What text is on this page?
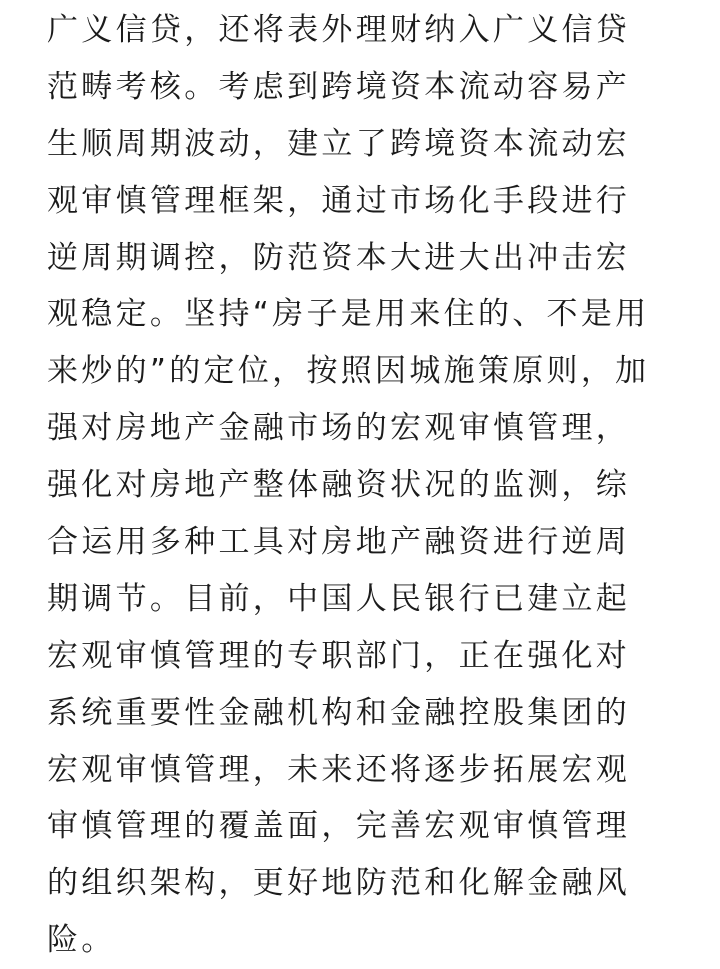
广义信贷，还将表外理财纳入广义信贷
范畴考核。考虑到跨境资本流动容易产
生顺周期波动，建立了跨境资本流动宏
观审慎管理框架，通过市场化手段进行
逆周期调控，防范资本大进大出冲击宏
观稳定。坚持“房子是用来住的、不是用
来炒的”的定位，按照因城施策原则，加
强对房地产金融市场的宏观审慎管理，
强化对房地产整体融资状况的监测，综
合运用多种工具对房地产融资进行逆周
期调节。目前，中国人民银行已建立起
宏观审慎管理的专职部门，正在强化对
系统重要性金融机构和金融控股集团的
宏观审慎管理，未来还将逐步拓展宏观
审慎管理的覆盖面，完善宏观审慎管理
的组织架构，更好地防范和化解金融风
险。
